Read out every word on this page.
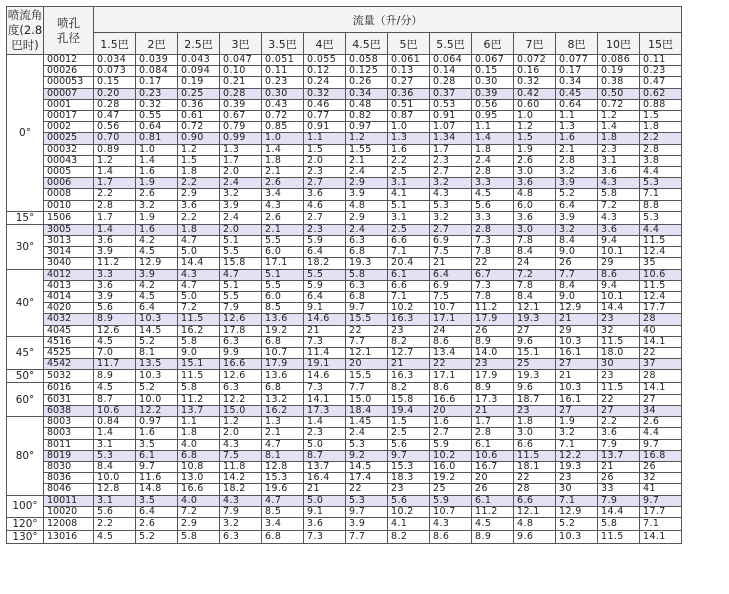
喷流角度(2.8巴时)	喷孔孔径	流量（升/分）													
		1.5巴	2巴	2.5巴	3巴	3.5巴	4巴	4.5巴	5巴	5.5巴	6巴	7巴	8巴	10巴	15巴
0°	00012	0.034	0.039	0.043	0.047	0.051	0.055	0.058	0.061	0.064	0.067	0.072	0.077	0.086	0.11
	00026	0.073	0.084	0.094	0.10	0.11	0.12	0.125	0.13	0.14	0.15	0.16	0.17	0.19	0.23
	000053	0.15	0.17	0.19	0.21	0.23	0.24	0.26	0.27	0.28	0.30	0.32	0.34	0.38	0.47
	00007	0.20	0.23	0.25	0.28	0.30	0.32	0.34	0.36	0.37	0.39	0.42	0.45	0.50	0.62
	0001	0.28	0.32	0.36	0.39	0.43	0.46	0.48	0.51	0.53	0.56	0.60	0.64	0.72	0.88
	00017	0.47	0.55	0.61	0.67	0.72	0.77	0.82	0.87	0.91	0.95	1.0	1.1	1.2	1.5
	0002	0.56	0.64	0.72	0.79	0.85	0.91	0.97	1.0	1.07	1.1	1.2	1.3	1.4	1.8
	00025	0.70	0.81	0.90	0.99	1.0	1.1	1.2	1.3	1.34	1.4	1.5	1.6	1.8	2.2
	00032	0.89	1.0	1.2	1.3	1.4	1.5	1.55	1.6	1.7	1.8	1.9	2.1	2.3	2.8
	00043	1.2	1.4	1.5	1.7	1.8	2.0	2.1	2.2	2.3	2.4	2.6	2.8	3.1	3.8
	0005	1.4	1.6	1.8	2.0	2.1	2.3	2.4	2.5	2.7	2.8	3.0	3.2	3.6	4.4
	0006	1.7	1.9	2.2	2.4	2.6	2.7	2.9	3.1	3.2	3.3	3.6	3.9	4.3	5.3
	0008	2.2	2.6	2.9	3.2	3.4	3.6	3.9	4.1	4.3	4.5	4.8	5.2	5.8	7.1
	0010	2.8	3.2	3.6	3.9	4.3	4.6	4.8	5.1	5.3	5.6	6.0	6.4	7.2	8.8
15°	1506	1.7	1.9	2.2	2.4	2.6	2.7	2.9	3.1	3.2	3.3	3.6	3.9	4.3	5.3
30°	3005	1.4	1.6	1.8	2.0	2.1	2.3	2.4	2.5	2.7	2.8	3.0	3.2	3.6	4.4
	3013	3.6	4.2	4.7	5.1	5.5	5.9	6.3	6.6	6.9	7.3	7.8	8.4	9.4	11.5
	3014	3.9	4.5	5.0	5.5	6.0	6.4	6.8	7.1	7.5	7.8	8.4	9.0	10.1	12.4
	3040	11.2	12.9	14.4	15.8	17.1	18.2	19.3	20.4	21	22	24	26	29	35
40°	4012	3.3	3.9	4.3	4.7	5.1	5.5	5.8	6.1	6.4	6.7	7.2	7.7	8.6	10.6
	4013	3.6	4.2	4.7	5.1	5.5	5.9	6.3	6.6	6.9	7.3	7.8	8.4	9.4	11.5
	4014	3.9	4.5	5.0	5.5	6.0	6.4	6.8	7.1	7.5	7.8	8.4	9.0	10.1	12.4
	4020	5.6	6.4	7.2	7.9	8.5	9.1	9.7	10.2	10.7	11.2	12.1	12.9	14.4	17.7
	4032	8.9	10.3	11.5	12.6	13.6	14.6	15.5	16.3	17.1	17.9	19.3	21	23	28
	4045	12.6	14.5	16.2	17.8	19.2	21	22	23	24	26	27	29	32	40
45°	4516	4.5	5.2	5.8	6.3	6.8	7.3	7.7	8.2	8.6	8.9	9.6	10.3	11.5	14.1
	4525	7.0	8.1	9.0	9.9	10.7	11.4	12.1	12.7	13.4	14.0	15.1	16.1	18.0	22
	4542	11.7	13.5	15.1	16.6	17.9	19.1	20	21	22	23	25	27	30	37
50°	5032	8.9	10.3	11.5	12.6	13.6	14.6	15.5	16.3	17.1	17.9	19.3	21	23	28
60°	6016	4.5	5.2	5.8	6.3	6.8	7.3	7.7	8.2	8.6	8.9	9.6	10.3	11.5	14.1
	6031	8.7	10.0	11.2	12.2	13.2	14.1	15.0	15.8	16.6	17.3	18.7	16.1	22	27
	6038	10.6	12.2	13.7	15.0	16.2	17.3	18.4	19.4	20	21	23	27	27	34
80°	8003	0.84	0.97	1.1	1.2	1.3	1.4	1.45	1.5	1.6	1.7	1.8	1.9	2.2	2.6
	8003	1.4	1.6	1.8	2.0	2.1	2.3	2.4	2.5	2.7	2.8	3.0	3.2	3.6	4.4
	8011	3.1	3.5	4.0	4.3	4.7	5.0	5.3	5.6	5.9	6.1	6.6	7.1	7.9	9.7
	8019	5.3	6.1	6.8	7.5	8.1	8.7	9.2	9.7	10.2	10.6	11.5	12.2	13.7	16.8
	8030	8.4	9.7	10.8	11.8	12.8	13.7	14.5	15.3	16.0	16.7	18.1	19.3	21	26
	8036	10.0	11.6	13.0	14.2	15.3	16.4	17.4	18.3	19.2	20	22	23	26	32
	8046	12.8	14.8	16.6	18.2	19.6	21	22	23	25	26	28	30	33	41
100°	10011	3.1	3.5	4.0	4.3	4.7	5.0	5.3	5.6	5.9	6.1	6.6	7.1	7.9	9.7
	10020	5.6	6.4	7.2	7.9	8.5	9.1	9.7	10.2	10.7	11.2	12.1	12.9	14.4	17.7
120°	12008	2.2	2.6	2.9	3.2	3.4	3.6	3.9	4.1	4.3	4.5	4.8	5.2	5.8	7.1
130°	13016	4.5	5.2	5.8	6.3	6.8	7.3	7.7	8.2	8.6	8.9	9.6	10.3	11.5	14.1
